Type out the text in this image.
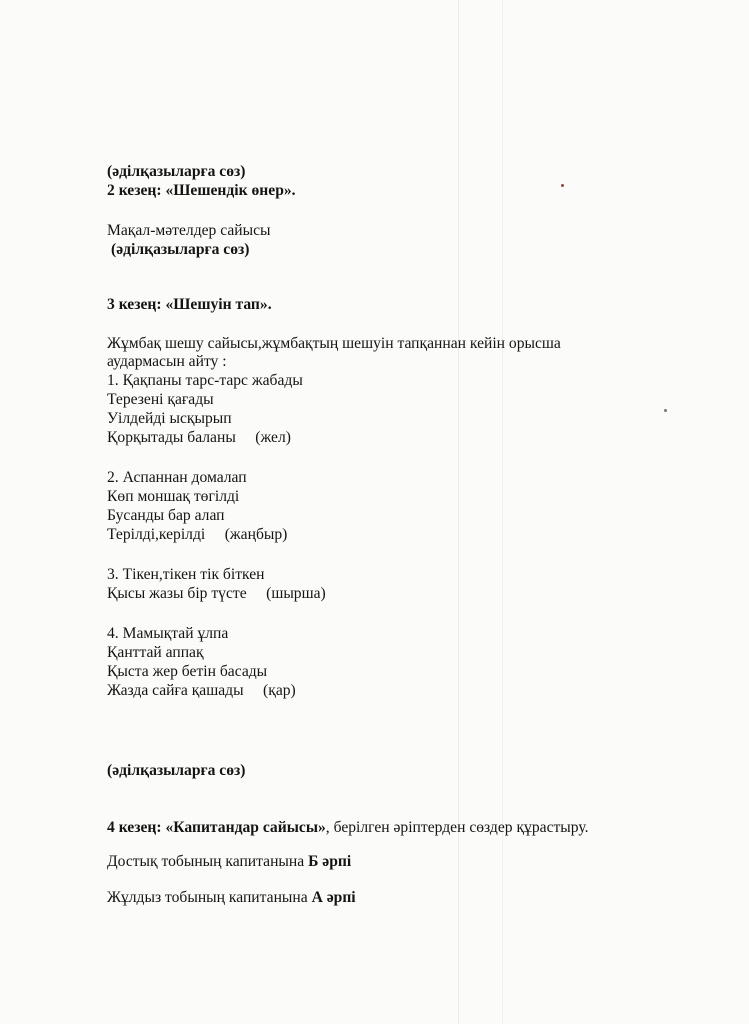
(әділқазыларға сөз)

2 кезең: «Шешендік өнер».

Мақал-мәтелдер сайысы

(әділқазыларға сөз)

3 кезең: «Шешуін тап».

Жұмбақ шешу сайысы,жұмбақтың шешуін тапқаннан кейін орысша

аудармасын айту :

1. Қақпаны тарс-тарс жабады

Терезені қағады

Уілдейді ысқырып

Қорқытады баланы     (жел)

2. Аспаннан домалап

Көп моншақ төгілді

Бусанды бар алап

Терілді,керілді     (жаңбыр)

3. Тікен,тікен тік біткен

Қысы жазы бір түсте     (шырша)

4. Мамықтай ұлпа

Қанттай аппақ

Қыста жер бетін басады

Жазда сайға қашады     (қар)

(әділқазыларға сөз)

4 кезең: «Капитандар сайысы», берілген әріптерден сөздер құрастыру.

Достық тобының капитанына Б әрпі

Жұлдыз тобының капитанына А әрпі
